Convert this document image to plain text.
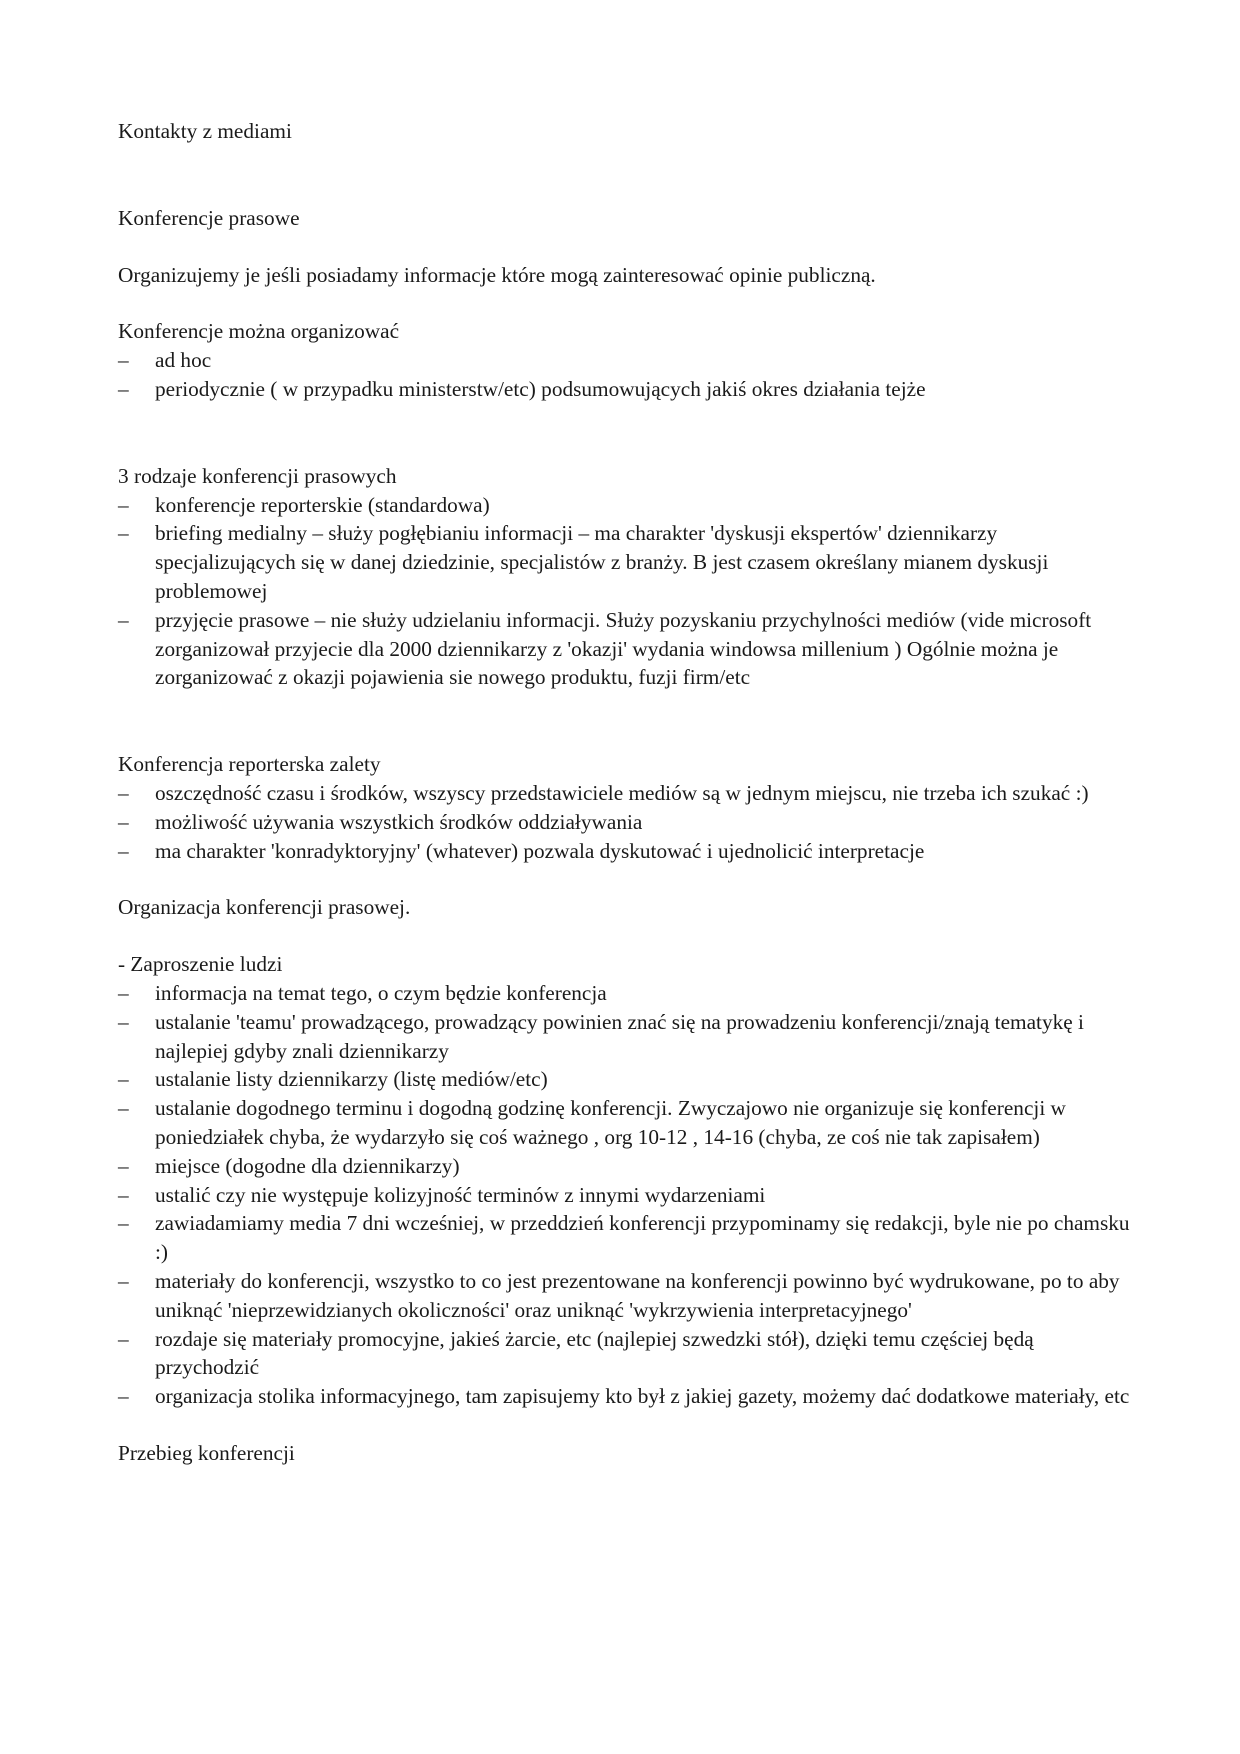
Kontakty z mediami

Konferencje prasowe

Organizujemy je jeśli posiadamy informacje które mogą zainteresować opinie publiczną.

Konferencje można organizować

– ad hoc
– periodycznie ( w przypadku ministerstw/etc) podsumowujących jakiś okres działania tejże

3 rodzaje konferencji prasowych

– konferencje reporterskie (standardowa)
– briefing medialny – służy pogłębianiu informacji – ma charakter 'dyskusji ekspertów' dziennikarzy specjalizujących się w danej dziedzinie, specjalistów z branży. B jest czasem określany mianem dyskusji problemowej
– przyjęcie prasowe – nie służy udzielaniu informacji. Służy pozyskaniu przychylności mediów (vide microsoft zorganizował przyjecie dla 2000 dziennikarzy z 'okazji' wydania windowsa millenium ) Ogólnie można je zorganizować z okazji pojawienia sie nowego produktu, fuzji firm/etc

Konferencja reporterska zalety

– oszczędność czasu i środków, wszyscy przedstawiciele mediów są w jednym miejscu, nie trzeba ich szukać :)
– możliwość używania wszystkich środków oddziaływania
– ma charakter 'konradyktoryjny' (whatever) pozwala dyskutować i ujednolicić interpretacje

Organizacja konferencji prasowej.

- Zaproszenie ludzi

– informacja na temat tego, o czym będzie konferencja
– ustalanie 'teamu' prowadzącego, prowadzący powinien znać się na prowadzeniu konferencji/znają tematykę i najlepiej gdyby znali dziennikarzy
– ustalanie listy dziennikarzy (listę mediów/etc)
– ustalanie dogodnego terminu i dogodną godzinę konferencji. Zwyczajowo nie organizuje się konferencji w poniedziałek chyba, że wydarzyło się coś ważnego , org 10-12 , 14-16 (chyba, ze coś nie tak zapisałem)
– miejsce (dogodne dla dziennikarzy)
– ustalić czy nie występuje kolizyjność terminów z innymi wydarzeniami
– zawiadamiamy media 7 dni wcześniej, w przeddzień konferencji przypominamy się redakcji, byle nie po chamsku :)
– materiały do konferencji, wszystko to co jest prezentowane na konferencji powinno być wydrukowane, po to aby uniknąć 'nieprzewidzianych okoliczności' oraz uniknąć 'wykrzywienia interpretacyjnego'
– rozdaje się materiały promocyjne, jakieś żarcie, etc (najlepiej szwedzki stół), dzięki temu częściej będą przychodzić
– organizacja stolika informacyjnego, tam zapisujemy kto był z jakiej gazety, możemy dać dodatkowe materiały, etc

Przebieg konferencji
